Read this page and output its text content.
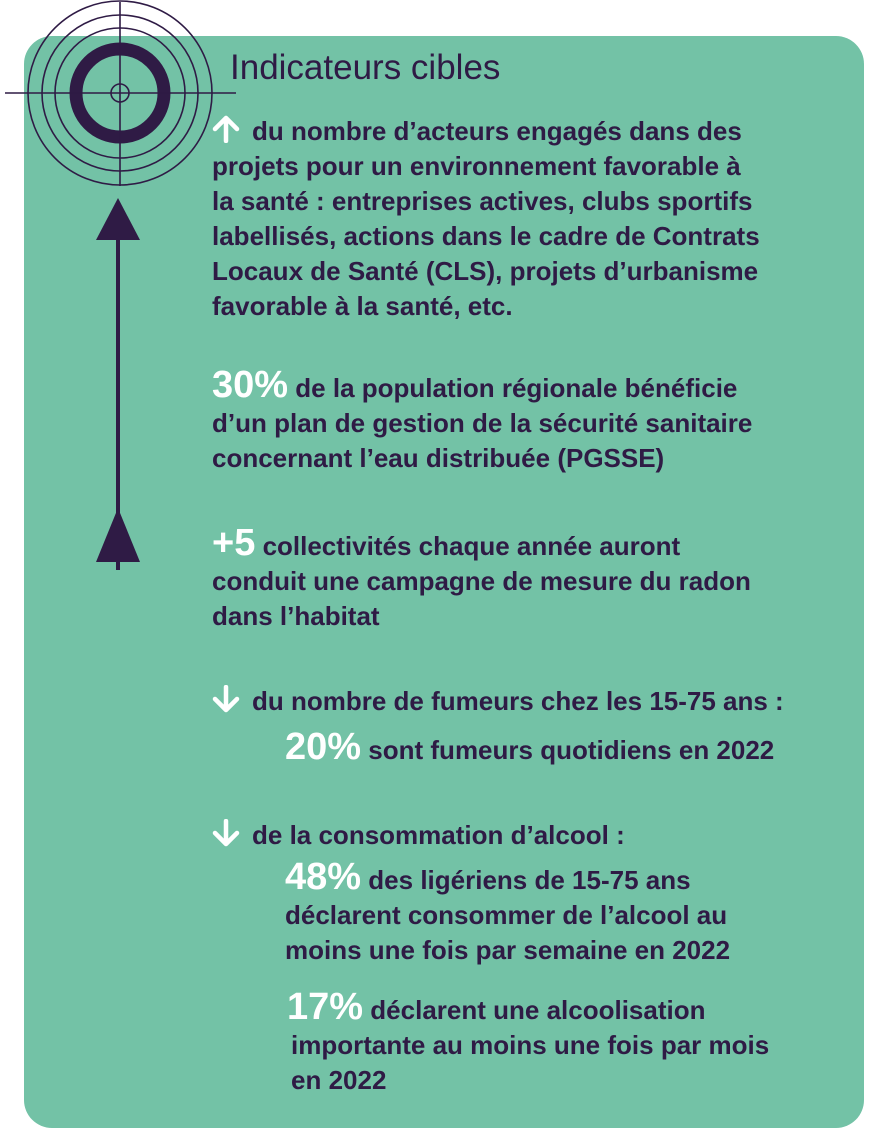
Indicateurs cibles
du nombre d’acteurs engagés dans des
projets pour un environnement favorable à
la santé : entreprises actives, clubs sportifs
labellisés, actions dans le cadre de Contrats
Locaux de Santé (CLS), projets d’urbanisme
favorable à la santé, etc.
30% de la population régionale bénéficie
d’un plan de gestion de la sécurité sanitaire
concernant l’eau distribuée (PGSSE)
+5 collectivités chaque année auront
conduit une campagne de mesure du radon
dans l’habitat
du nombre de fumeurs chez les 15-75 ans :
20% sont fumeurs quotidiens en 2022
de la consommation d’alcool :
48% des ligériens de 15-75 ans
déclarent consommer de l’alcool au
moins une fois par semaine en 2022
17% déclarent une alcoolisation
importante au moins une fois par mois
en 2022
